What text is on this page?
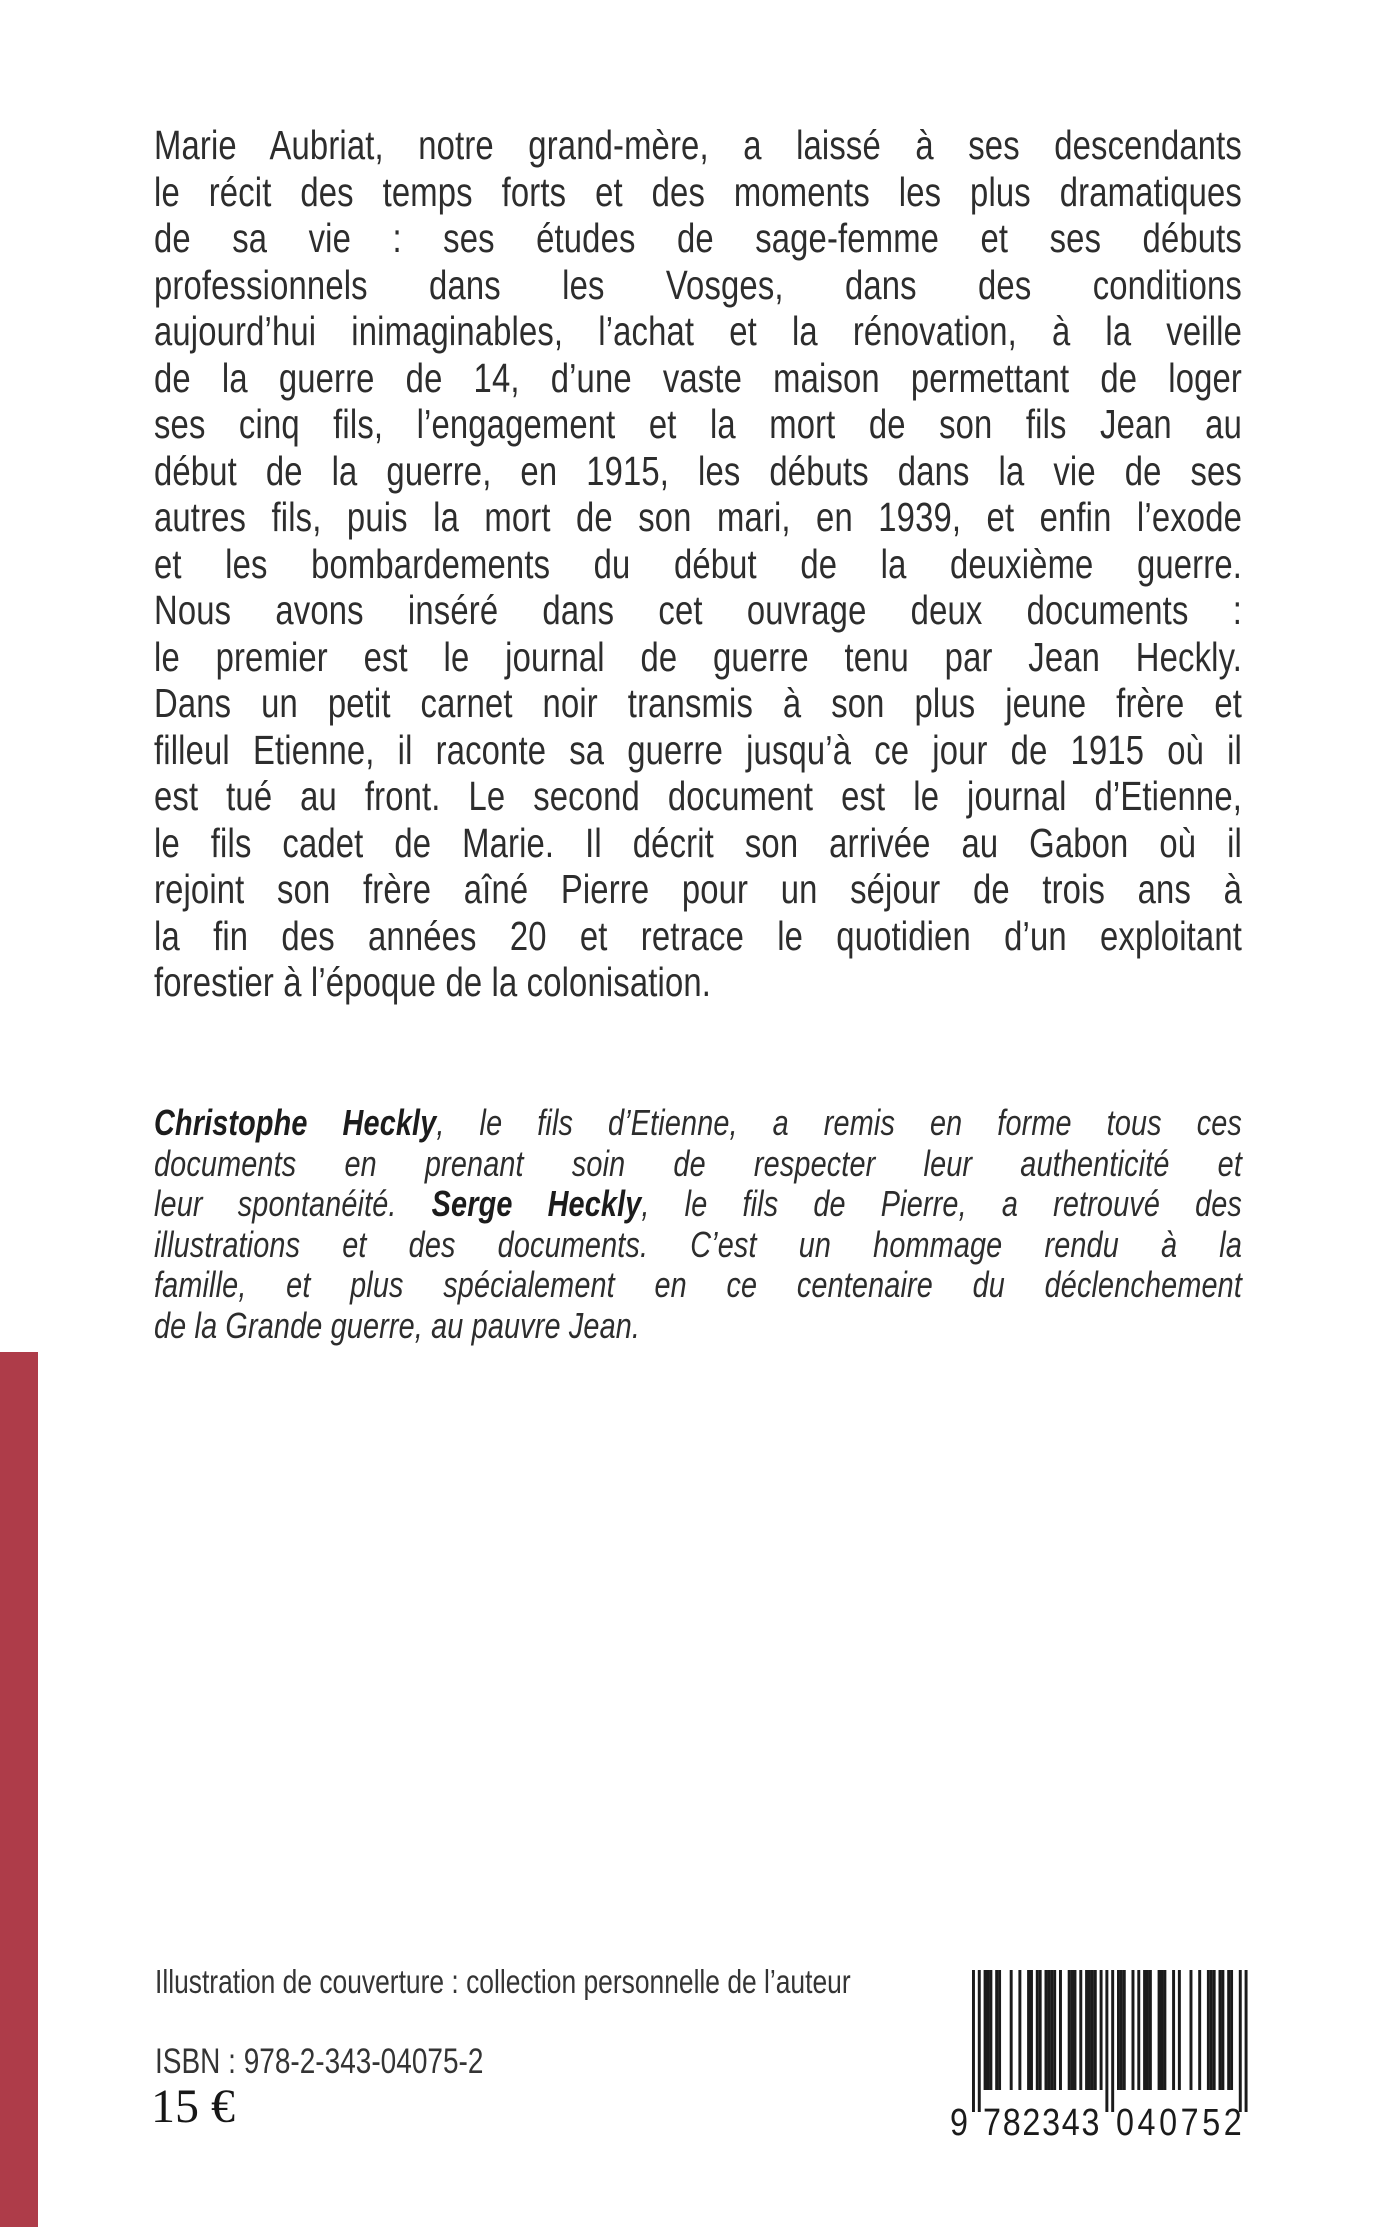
Marie Aubriat, notre grand-mère, a laissé à ses descendants
le récit des temps forts et des moments les plus dramatiques
de sa vie : ses études de sage-femme et ses débuts
professionnels dans les Vosges, dans des conditions
aujourd’hui inimaginables, l’achat et la rénovation, à la veille
de la guerre de 14, d’une vaste maison permettant de loger
ses cinq fils, l’engagement et la mort de son fils Jean au
début de la guerre, en 1915, les débuts dans la vie de ses
autres fils, puis la mort de son mari, en 1939, et enfin l’exode
et les bombardements du début de la deuxième guerre.
Nous avons inséré dans cet ouvrage deux documents :
le premier est le journal de guerre tenu par Jean Heckly.
Dans un petit carnet noir transmis à son plus jeune frère et
filleul Etienne, il raconte sa guerre jusqu’à ce jour de 1915 où il
est tué au front. Le second document est le journal d’Etienne,
le fils cadet de Marie. Il décrit son arrivée au Gabon où il
rejoint son frère aîné Pierre pour un séjour de trois ans à
la fin des années 20 et retrace le quotidien d’un exploitant
forestier à l’époque de la colonisation.
Christophe Heckly, le fils d’Etienne, a remis en forme tous ces
documents en prenant soin de respecter leur authenticité et
leur spontanéité. Serge Heckly, le fils de Pierre, a retrouvé des
illustrations et des documents. C’est un hommage rendu à la
famille, et plus spécialement en ce centenaire du déclenchement
de la Grande guerre, au pauvre Jean.
Illustration de couverture : collection personnelle de l’auteur
ISBN : 978-2-343-04075-2
15 €	9 7 8 2 3 4 3 0 4 0 7 5 2
